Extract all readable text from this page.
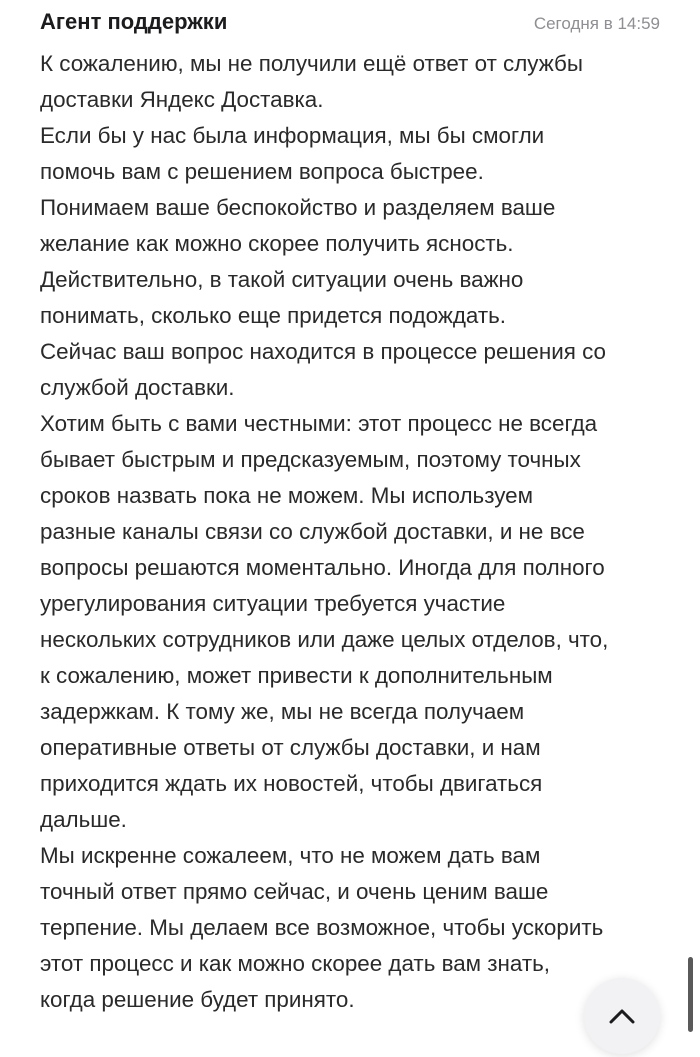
Агент поддержки	Сегодня в 14:59
К сожалению, мы не получили ещё ответ от службы
доставки Яндекс Доставка.
Если бы у нас была информация, мы бы смогли
помочь вам с решением вопроса быстрее.
Понимаем ваше беспокойство и разделяем ваше
желание как можно скорее получить ясность.
Действительно, в такой ситуации очень важно
понимать, сколько еще придется подождать.
Сейчас ваш вопрос находится в процессе решения со
службой доставки.
Хотим быть с вами честными: этот процесс не всегда
бывает быстрым и предсказуемым, поэтому точных
сроков назвать пока не можем. Мы используем
разные каналы связи со службой доставки, и не все
вопросы решаются моментально. Иногда для полного
урегулирования ситуации требуется участие
нескольких сотрудников или даже целых отделов, что,
к сожалению, может привести к дополнительным
задержкам. К тому же, мы не всегда получаем
оперативные ответы от службы доставки, и нам
приходится ждать их новостей, чтобы двигаться
дальше.
Мы искренне сожалеем, что не можем дать вам
точный ответ прямо сейчас, и очень ценим ваше
терпение. Мы делаем все возможное, чтобы ускорить
этот процесс и как можно скорее дать вам знать,
когда решение будет принято.
